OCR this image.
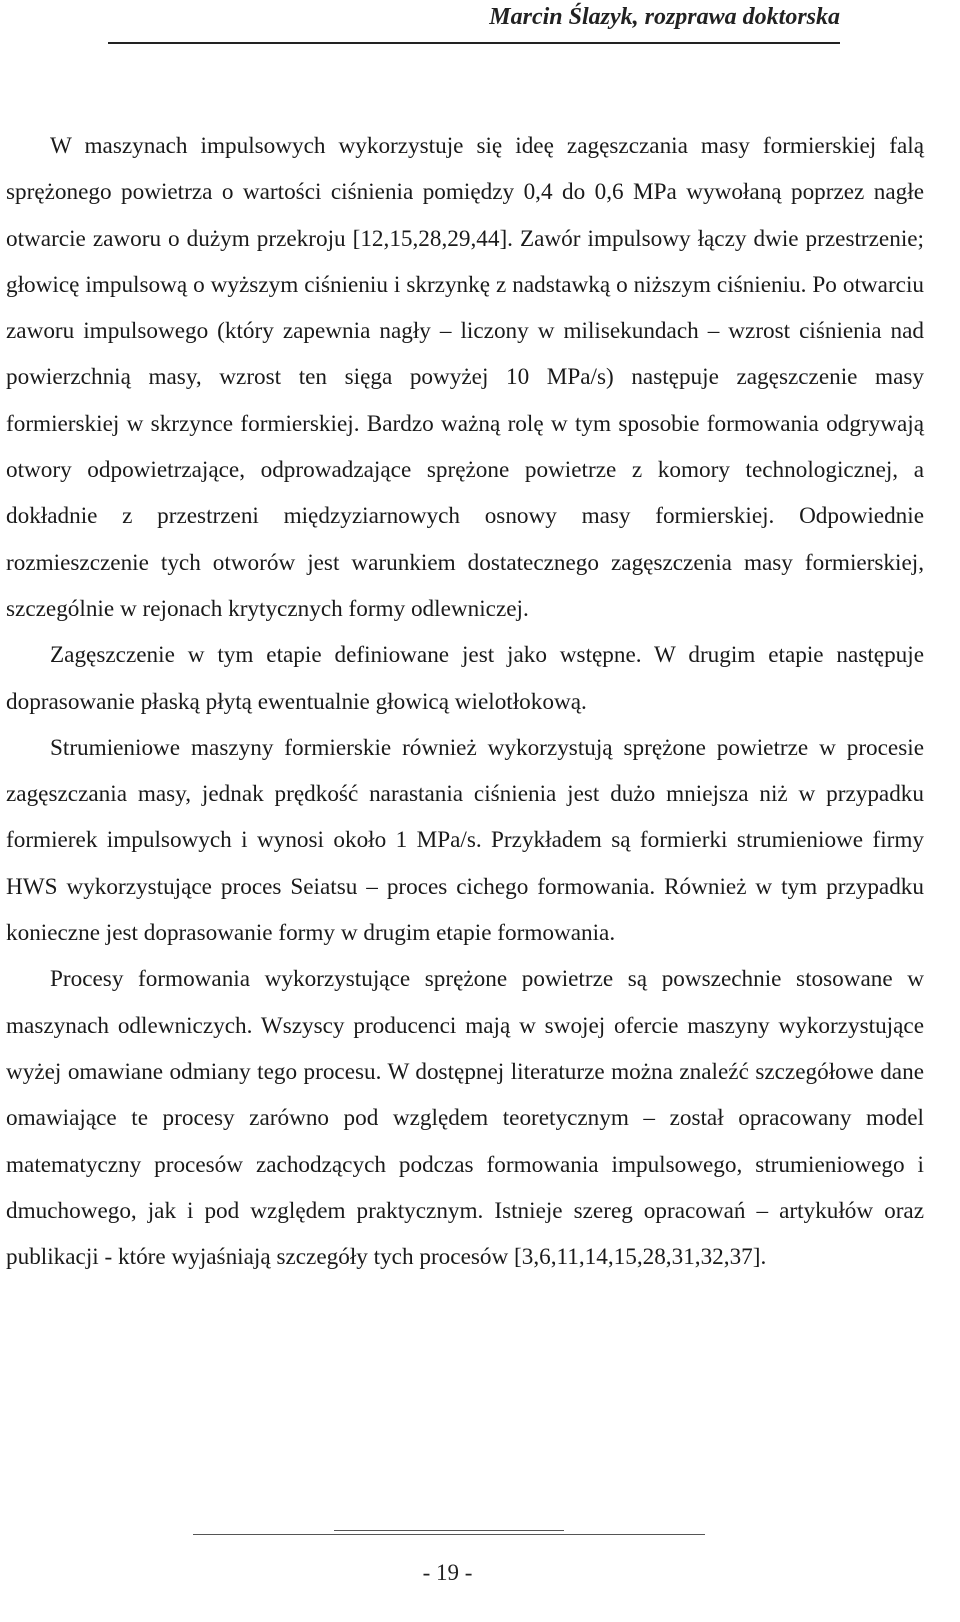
Marcin Ślazyk, rozprawa doktorska

W maszynach impulsowych wykorzystuje się ideę zagęszczania masy formierskiej falą sprężonego powietrza o wartości ciśnienia pomiędzy 0,4 do 0,6 MPa wywołaną poprzez nagłe otwarcie zaworu o dużym przekroju [12,15,28,29,44]. Zawór impulsowy łączy dwie przestrzenie; głowicę impulsową o wyższym ciśnieniu i skrzynkę z nadstawką o niższym ciśnieniu. Po otwarciu zaworu impulsowego (który zapewnia nagły – liczony w milisekundach – wzrost ciśnienia nad powierzchnią masy, wzrost ten sięga powyżej 10 MPa/s) następuje zagęszczenie masy formierskiej w skrzynce formierskiej. Bardzo ważną rolę w tym sposobie formowania odgrywają otwory odpowietrzające, odprowadzające sprężone powietrze z komory technologicznej, a dokładnie z przestrzeni międzyziarnowych osnowy masy formierskiej. Odpowiednie rozmieszczenie tych otworów jest warunkiem dostatecznego zagęszczenia masy formierskiej, szczególnie w rejonach krytycznych formy odlewniczej.

Zagęszczenie w tym etapie definiowane jest jako wstępne. W drugim etapie następuje doprasowanie płaską płytą ewentualnie głowicą wielotłokową.

Strumieniowe maszyny formierskie również wykorzystują sprężone powietrze w procesie zagęszczania masy, jednak prędkość narastania ciśnienia jest dużo mniejsza niż w przypadku formierek impulsowych i wynosi około 1 MPa/s. Przykładem są formierki strumieniowe firmy HWS wykorzystujące proces Seiatsu – proces cichego formowania. Również w tym przypadku konieczne jest doprasowanie formy w drugim etapie formowania.

Procesy formowania wykorzystujące sprężone powietrze są powszechnie stosowane w maszynach odlewniczych. Wszyscy producenci mają w swojej ofercie maszyny wykorzystujące wyżej omawiane odmiany tego procesu. W dostępnej literaturze można znaleźć szczegółowe dane omawiające te procesy zarówno pod względem teoretycznym – został opracowany model matematyczny procesów zachodzących podczas formowania impulsowego, strumieniowego i dmuchowego, jak i pod względem praktycznym. Istnieje szereg opracowań – artykułów oraz publikacji - które wyjaśniają szczegóły tych procesów [3,6,11,14,15,28,31,32,37].

- 19 -
